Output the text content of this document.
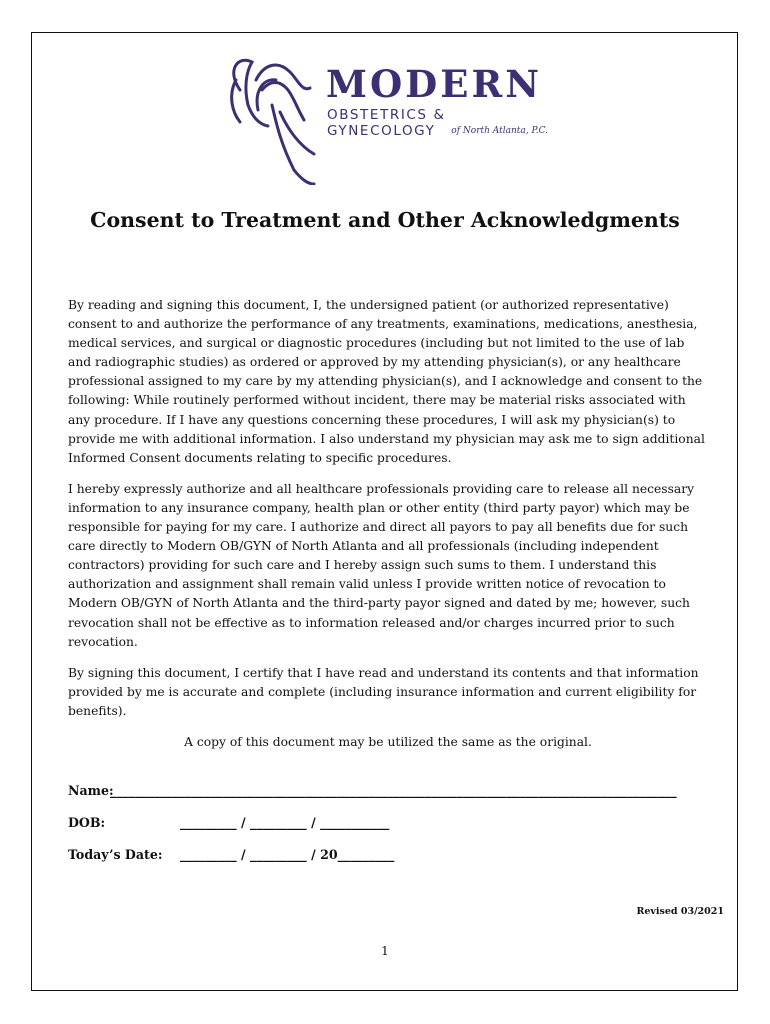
MODERN
OBSTETRICS & GYNECOLOGY	of North Atlanta, P.C.
Consent to Treatment and Other Acknowledgments

By reading and signing this document, I, the undersigned patient (or authorized representative) consent to and authorize the performance of any treatments, examinations, medications, anesthesia, medical services, and surgical or diagnostic procedures (including but not limited to the use of lab and radiographic studies) as ordered or approved by my attending physician(s), or any healthcare professional assigned to my care by my attending physician(s), and I acknowledge and consent to the following: While routinely performed without incident, there may be material risks associated with any procedure. If I have any questions concerning these procedures, I will ask my physician(s) to provide me with additional information. I also understand my physician may ask me to sign additional Informed Consent documents relating to specific procedures.

I hereby expressly authorize and all healthcare professionals providing care to release all necessary information to any insurance company, health plan or other entity (third party payor) which may be responsible for paying for my care. I authorize and direct all payors to pay all benefits due for such care directly to Modern OB/GYN of North Atlanta and all professionals (including independent contractors) providing for such care and I hereby assign such sums to them. I understand this authorization and assignment shall remain valid unless I provide written notice of revocation to Modern OB/GYN of North Atlanta and the third-party payor signed and dated by me; however, such revocation shall not be effective as to information released and/or charges incurred prior to such revocation.

By signing this document, I certify that I have read and understand its contents and that information provided by me is accurate and complete (including insurance information and current eligibility for benefits).

A copy of this document may be utilized the same as the original.

Name:
__________________________________________________________________________________________
DOB:	_________ / _________ / ___________
Today’s Date: _________ / _________ / 20_________
Revised 03/2021
1
